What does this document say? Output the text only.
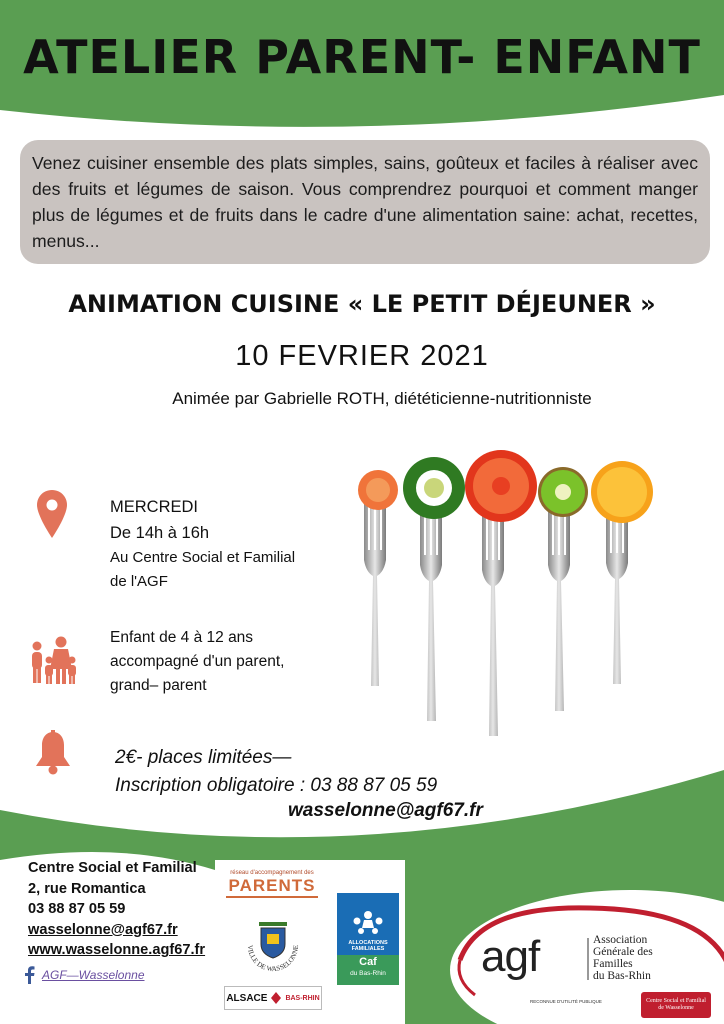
ATELIER PARENT- ENFANT

Venez cuisiner ensemble des plats simples, sains, goûteux et faciles à réaliser avec des fruits et légumes de saison. Vous comprendrez pourquoi et comment manger plus de légumes et de fruits dans le cadre d'une alimentation saine: achat, recettes, menus...

ANIMATION CUISINE « LE PETIT DÉJEUNER »
10 FEVRIER 2021
Animée par Gabrielle ROTH, diététicienne-nutritionniste
MERCREDI
De 14h à 16h
Au Centre Social et Familial
de l'AGF
Enfant de 4 à 12 ans
accompagné d'un parent,
grand– parent
2€- places limitées—
Inscription obligatoire : 03 88 87 05 59
wasselonne@agf67.fr
Centre Social et Familial
2, rue Romantica
03 88 87 05 59
wasselonne@agf67.fr
www.wasselonne.agf67.fr
AGF—Wasselonne
réseau d'accompagnement des
PARENTS
VILLE DE WASSELONNE
ALLOCATIONS
FAMILIALES
Caf
du Bas-Rhin
ALSACE	BAS-RHIN
agf	Association
Générale des
Familles
du Bas-Rhin
RECONNUE D'UTILITÉ PUBLIQUE	Centre Social et Familial
de Wasselonne
